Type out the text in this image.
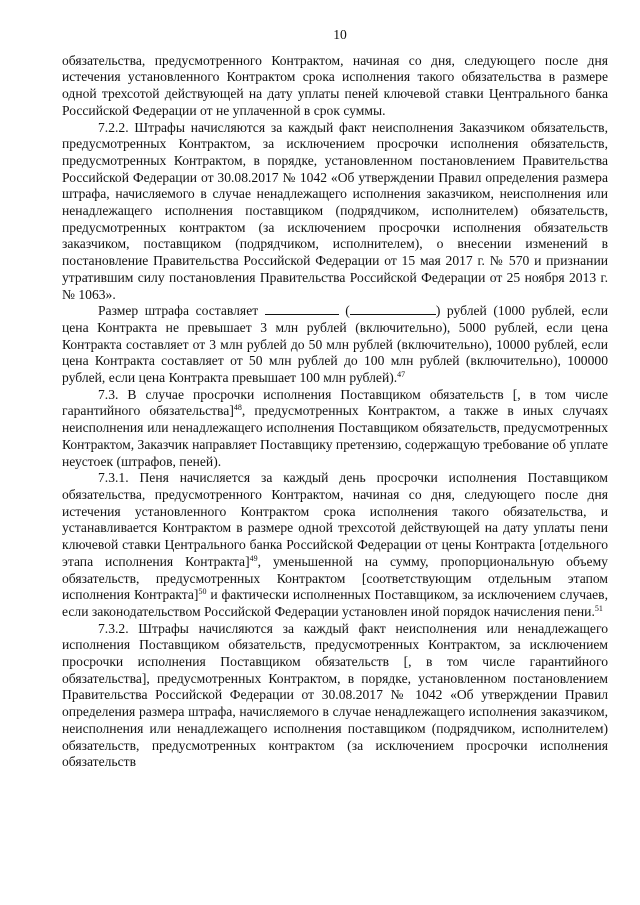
10

обязательства, предусмотренного Контрактом, начиная со дня, следующего после дня истечения установленного Контрактом срока исполнения такого обязательства в размере одной трехсотой действующей на дату уплаты пеней ключевой ставки Центрального банка Российской Федерации от не уплаченной в срок суммы.

7.2.2. Штрафы начисляются за каждый факт неисполнения Заказчиком обязательств, предусмотренных Контрактом, за исключением просрочки исполнения обязательств, предусмотренных Контрактом, в порядке, установленном постановлением Правительства Российской Федерации от 30.08.2017 № 1042 «Об утверждении Правил определения размера штрафа, начисляемого в случае ненадлежащего исполнения заказчиком, неисполнения или ненадлежащего исполнения поставщиком (подрядчиком, исполнителем) обязательств, предусмотренных контрактом (за исключением просрочки исполнения обязательств заказчиком, поставщиком (подрядчиком, исполнителем), о внесении изменений в постановление Правительства Российской Федерации от 15 мая 2017 г. № 570 и признании утратившим силу постановления Правительства Российской Федерации от 25 ноября 2013 г. № 1063».

Размер штрафа составляет	(	) рублей (1000 рублей, если цена Контракта не превышает 3 млн рублей (включительно), 5000 рублей, если цена Контракта составляет от 3 млн рублей до 50 млн рублей (включительно), 10000 рублей, если цена Контракта составляет от 50 млн рублей до 100 млн рублей (включительно), 100000 рублей, если цена Контракта превышает 100 млн рублей).$^{47}$

7.3. В случае просрочки исполнения Поставщиком обязательств [, в том числе гарантийного обязательства]$^{48}$, предусмотренных Контрактом, а также в иных случаях неисполнения или ненадлежащего исполнения Поставщиком обязательств, предусмотренных Контрактом, Заказчик направляет Поставщику претензию, содержащую требование об уплате неустоек (штрафов, пеней).

7.3.1. Пеня начисляется за каждый день просрочки исполнения Поставщиком обязательства, предусмотренного Контрактом, начиная со дня, следующего после дня истечения установленного Контрактом срока исполнения такого обязательства, и устанавливается Контрактом в размере одной трехсотой действующей на дату уплаты пени ключевой ставки Центрального банка Российской Федерации от цены Контракта [отдельного этапа исполнения Контракта]$^{49}$, уменьшенной на сумму, пропорциональную объему обязательств, предусмотренных Контрактом [соответствующим отдельным этапом исполнения Контракта]$^{50}$ и фактически исполненных Поставщиком, за исключением случаев, если законодательством Российской Федерации установлен иной порядок начисления пени.$^{51}$

7.3.2. Штрафы начисляются за каждый факт неисполнения или ненадлежащего исполнения Поставщиком обязательств, предусмотренных Контрактом, за исключением просрочки исполнения Поставщиком обязательств [, в том числе гарантийного обязательства], предусмотренных Контрактом, в порядке, установленном постановлением Правительства Российской Федерации от 30.08.2017 № 1042 «Об утверждении Правил определения размера штрафа, начисляемого в случае ненадлежащего исполнения заказчиком, неисполнения или ненадлежащего исполнения поставщиком (подрядчиком, исполнителем) обязательств, предусмотренных контрактом (за исключением просрочки исполнения обязательств
